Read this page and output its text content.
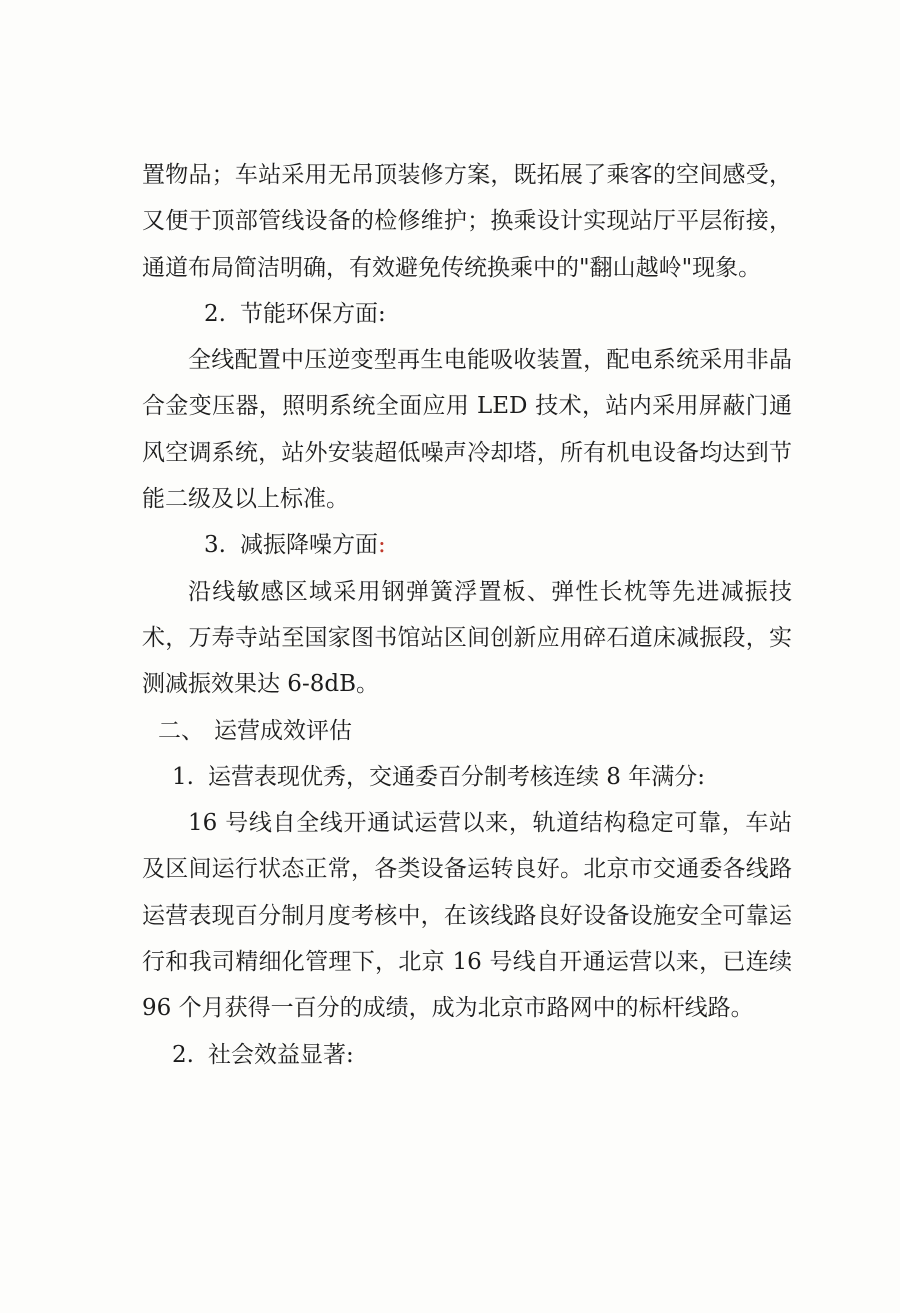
置物品；车站采用无吊顶装修方案，既拓展了乘客的空间感受，又便于顶部管线设备的检修维护；换乘设计实现站厅平层衔接，通道布局简洁明确，有效避免传统换乘中的"翻山越岭"现象。

2. 节能环保方面:

全线配置中压逆变型再生电能吸收装置，配电系统采用非晶合金变压器，照明系统全面应用 LED 技术，站内采用屏蔽门通风空调系统，站外安装超低噪声冷却塔，所有机电设备均达到节能二级及以上标准。

3. 减振降噪方面:

沿线敏感区域采用钢弹簧浮置板、弹性长枕等先进减振技术，万寿寺站至国家图书馆站区间创新应用碎石道床减振段，实测减振效果达 6-8dB。

二、 运营成效评估

1. 运营表现优秀，交通委百分制考核连续 8 年满分:

16 号线自全线开通试运营以来，轨道结构稳定可靠，车站及区间运行状态正常，各类设备运转良好。北京市交通委各线路运营表现百分制月度考核中，在该线路良好设备设施安全可靠运行和我司精细化管理下，北京 16 号线自开通运营以来，已连续 96 个月获得一百分的成绩，成为北京市路网中的标杆线路。

2. 社会效益显著:
